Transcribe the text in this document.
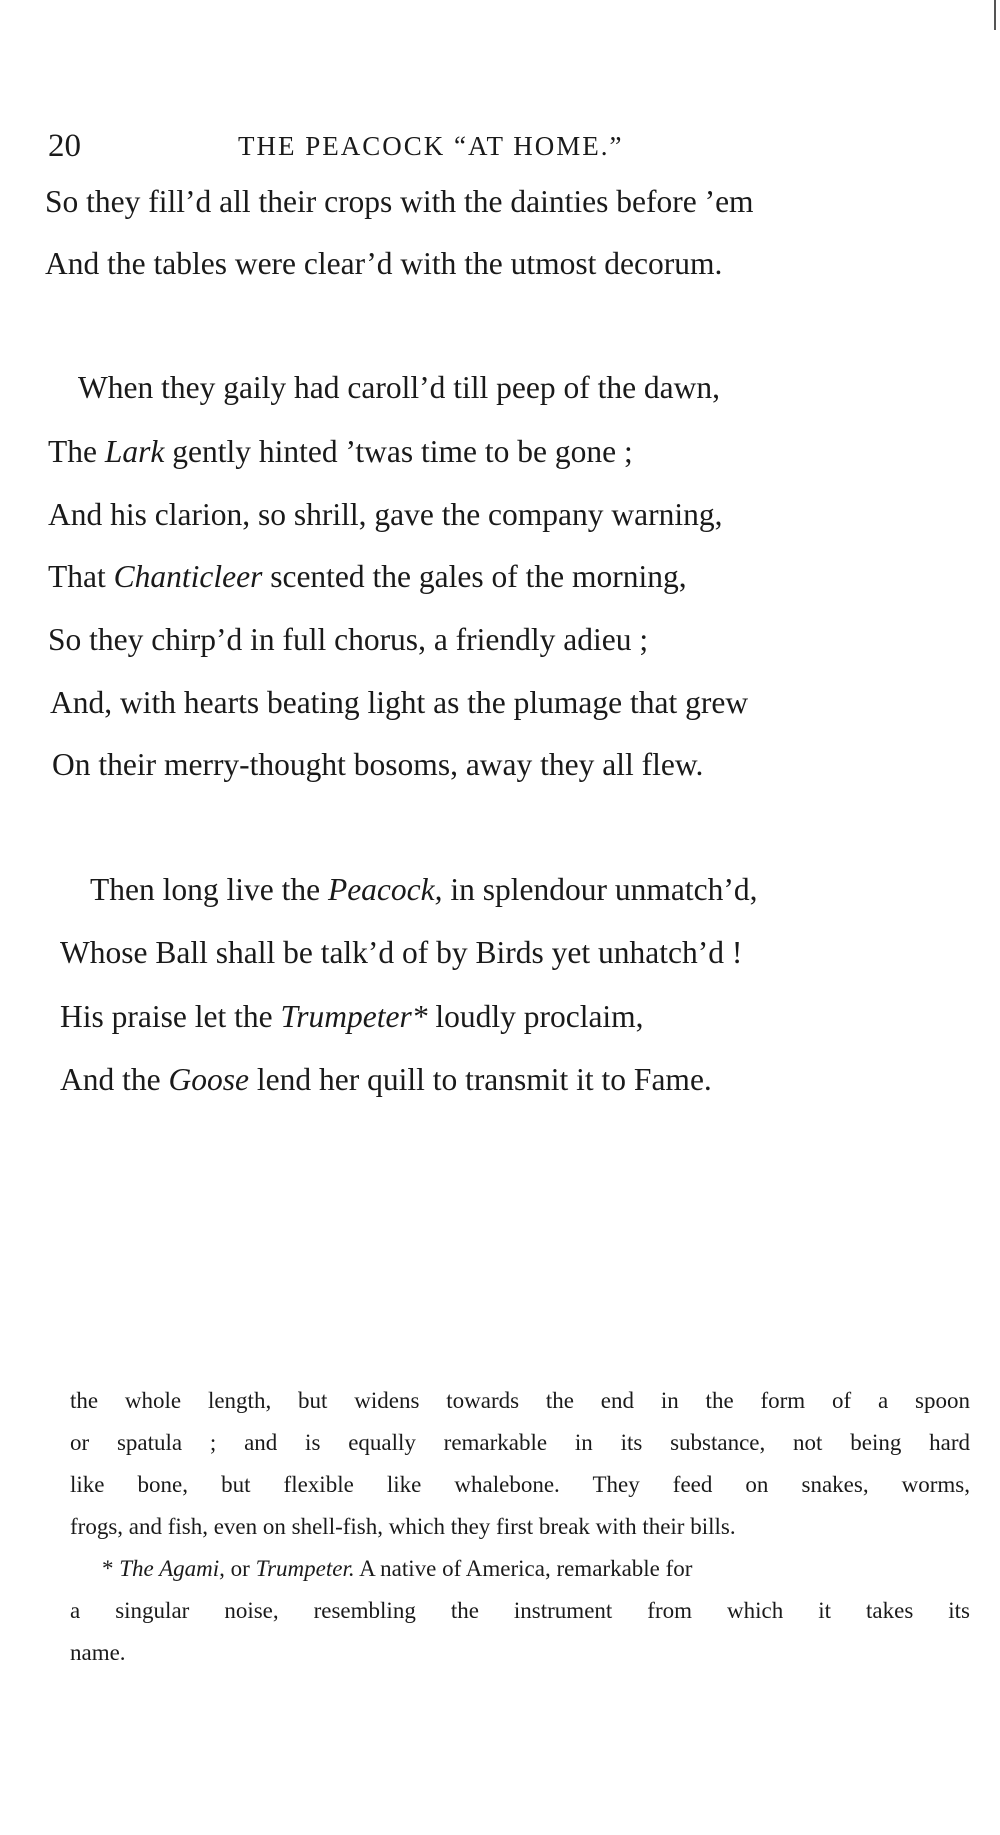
20	THE PEACOCK “AT HOME.”
So they fill’d all their crops with the dainties before ’em
And the tables were clear’d with the utmost decorum.
When they gaily had caroll’d till peep of the dawn,
The Lark gently hinted ’twas time to be gone ;
And his clarion, so shrill, gave the company warning,
That Chanticleer scented the gales of the morning,
So they chirp’d in full chorus, a friendly adieu ;
And, with hearts beating light as the plumage that grew
On their merry-thought bosoms, away they all flew.
Then long live the Peacock, in splendour unmatch’d,
Whose Ball shall be talk’d of by Birds yet unhatch’d !
His praise let the Trumpeter* loudly proclaim,
And the Goose lend her quill to transmit it to Fame.
the whole length, but widens towards the end in the form of a spoon
or spatula ; and is equally remarkable in its substance, not being hard
like bone, but flexible like whalebone. They feed on snakes, worms,
frogs, and fish, even on shell-fish, which they first break with their bills.
* The Agami, or Trumpeter. A native of America, remarkable for
a singular noise, resembling the instrument from which it takes its
name.
